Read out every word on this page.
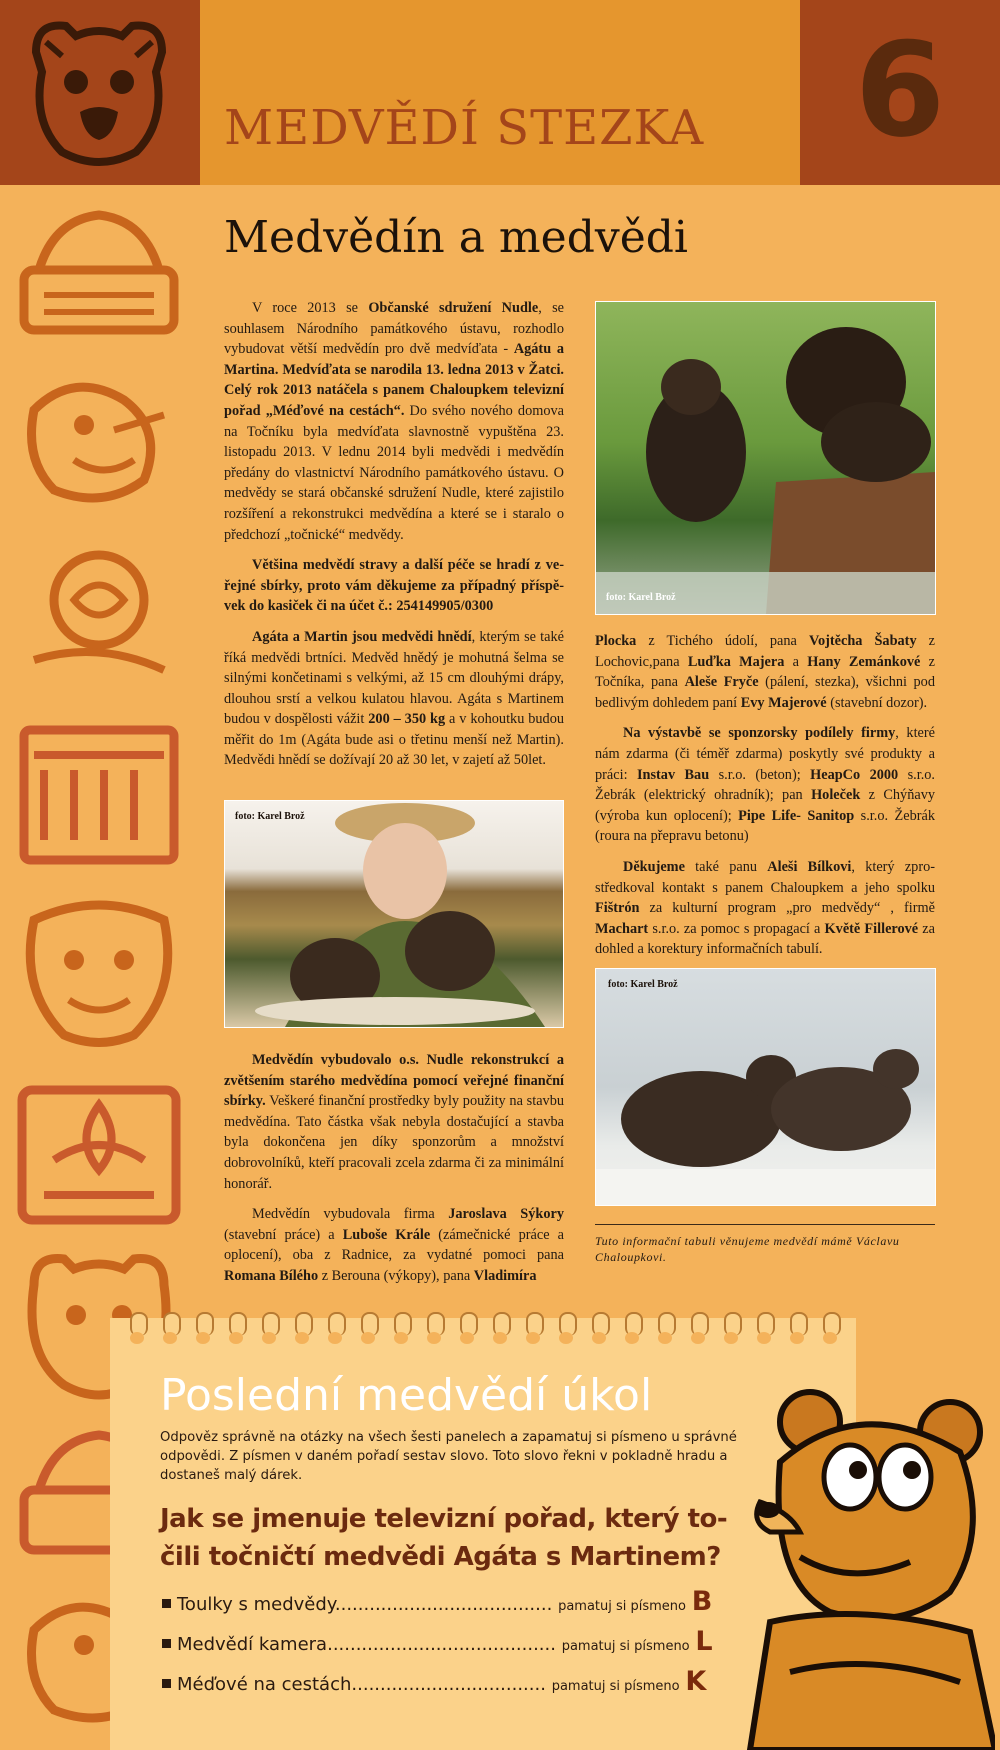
MEDVĚDÍ STEZKA	6
Medvědín a medvědi

V roce 2013 se Občanské sdružení Nudle, se souhlasem Národního památkového ústavu, rozhodlo vybudovat větší medvědín pro dvě medvíďata - Agátu a Martina. Medvíďata se narodila 13. ledna 2013 v Žatci. Celý rok 2013 natáčela s panem Chaloupkem televizní pořad „Méďové na cestách“. Do svého nového domova na Točníku byla medvíďata slavnostně vypuštěna 23. listopadu 2013. V lednu 2014 byli medvědi i medvědín předány do vlastnictví Národního památkového ústavu. O medvědy se stará občanské sdružení Nudle, které zajistilo rozšíření a rekonstrukci medvědína a které se i staralo o předchozí „točnické“ medvědy.

Většina medvědí stravy a další péče se hradí z veřejné sbírky, proto vám děkujeme za případný příspěvek do kasiček či na účet č.: 254149905/0300

Agáta a Martin jsou medvědi hnědí, kterým se také říká medvědi brtníci. Medvěd hnědý je mohutná šelma se silnými končetinami s velkými, až 15 cm dlouhými drápy, dlouhou srstí a velkou kulatou hlavou. Agáta s Martinem budou v dospělosti vážit 200 – 350 kg a v kohoutku budou měřit do 1m (Agáta bude asi o třetinu menší než Martin). Medvědi hnědí se dožívají 20 až 30 let, v zajetí až 50let.

foto: Karel Brož

Medvědín vybudovalo o.s. Nudle rekonstrukcí a zvětšením starého medvědína pomocí veřejné finanční sbírky. Veškeré finanční prostředky byly použity na stavbu medvědína. Tato částka však nebyla dostačující a stavba byla dokončena jen díky sponzorům a množství dobrovolníků, kteří pracovali zcela zdarma či za minimální honorář.

Medvědín vybudovala firma Jaroslava Sýkory (stavební práce) a Luboše Krále (zámečnické práce a oplocení), oba z Radnice, za vydatné pomoci pana Romana Bílého z Berouna (výkopy), pana Vladimíra

foto: Karel Brož

Plocka z Tichého údolí, pana Vojtěcha Šabaty z Lochovic,pana Luďka Majera a Hany Zemánkové z Točníka, pana Aleše Fryče (pálení, stezka), všichni pod bedlivým dohledem paní Evy Majerové (stavební dozor).

Na výstavbě se sponzorsky podílely firmy, které nám zdarma (či téměř zdarma) poskytly své produkty a práci: Instav Bau s.r.o. (beton); HeapCo 2000 s.r.o. Žebrák (elektrický ohradník); pan Holeček z Chýňavy (výroba kun oplocení); Pipe Life- Sanitop s.r.o. Žebrák (roura na přepravu betonu)

Děkujeme také panu Aleši Bílkovi, který zprostředkoval kontakt s panem Chaloupkem a jeho spolku Fištrón za kulturní program „pro medvědy“ , firmě Machart s.r.o. za pomoc s propagací a Květě Fillerové za dohled a korektury informačních tabulí.

foto: Karel Brož
Tuto informační tabuli věnujeme medvědí mámě Václavu Chaloupkovi.
Poslední medvědí úkol
Odpověz správně na otázky na všech šesti panelech a zapamatuj si písmeno u správné odpovědi. Z písmen v daném pořadí sestav slovo. Toto slovo řekni v pokladně hradu a dostaneš malý dárek.
Jak se jmenuje televizní pořad, který točili točničtí medvědi Agáta s Martinem?
Toulky s medvědy...................................... pamatuj si písmeno B
Medvědí kamera........................................ pamatuj si písmeno L
Méďové na cestách.................................. pamatuj si písmeno K
